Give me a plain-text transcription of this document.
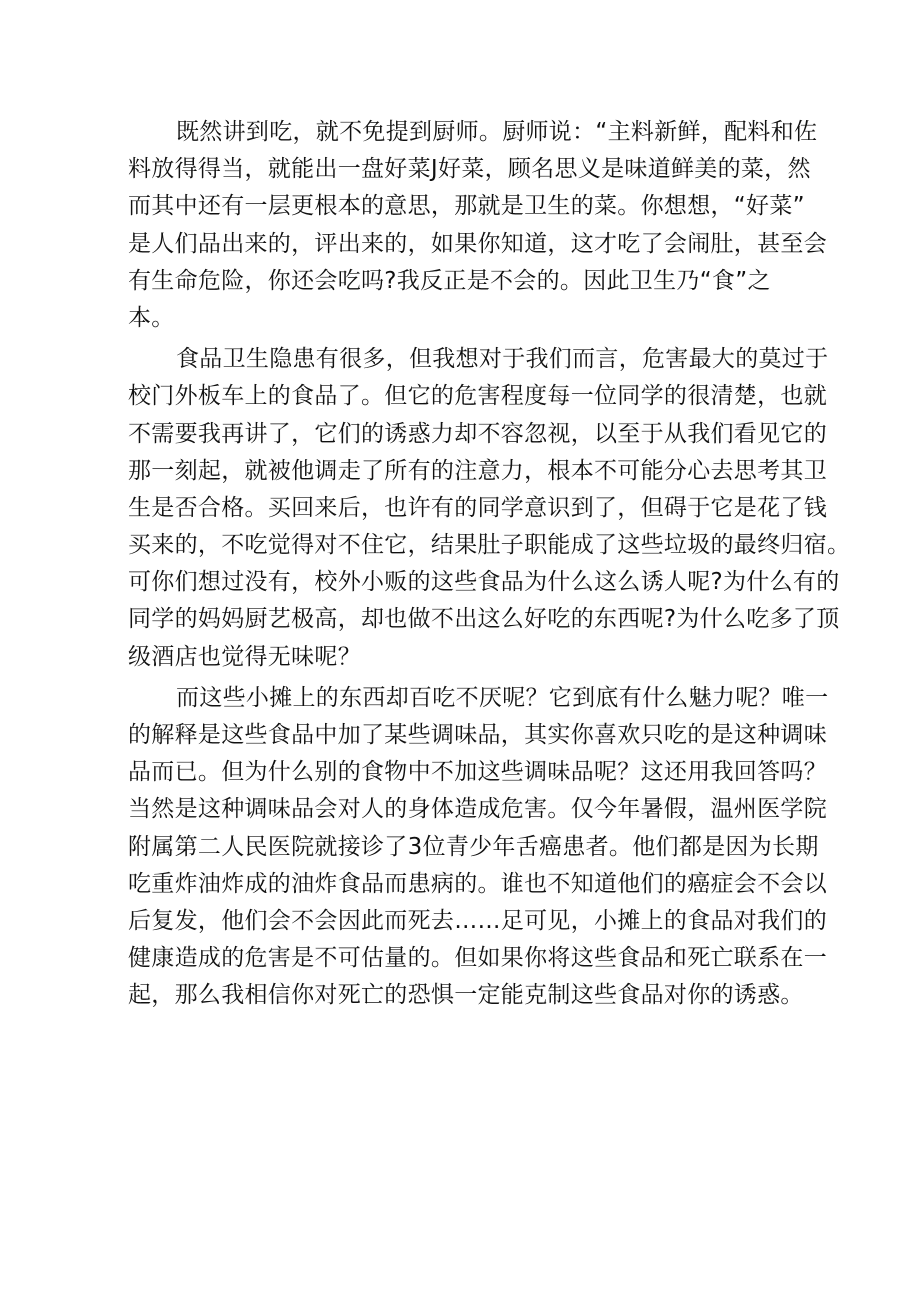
既然讲到吃，就不免提到厨师。厨师说：“主料新鲜，配料和佐
料放得得当，就能出一盘好菜J好菜，顾名思义是味道鲜美的菜，然
而其中还有一层更根本的意思，那就是卫生的菜。你想想，“好菜”
是人们品出来的，评出来的，如果你知道，这才吃了会闹肚，甚至会
有生命危险，你还会吃吗?我反正是不会的。因此卫生乃“食”之
本。
食品卫生隐患有很多，但我想对于我们而言，危害最大的莫过于
校门外板车上的食品了。但它的危害程度每一位同学的很清楚，也就
不需要我再讲了，它们的诱惑力却不容忽视，以至于从我们看见它的
那一刻起，就被他调走了所有的注意力，根本不可能分心去思考其卫
生是否合格。买回来后，也许有的同学意识到了，但碍于它是花了钱
买来的，不吃觉得对不住它，结果肚子职能成了这些垃圾的最终归宿。
可你们想过没有，校外小贩的这些食品为什么这么诱人呢?为什么有的
同学的妈妈厨艺极高，却也做不出这么好吃的东西呢?为什么吃多了顶
级酒店也觉得无味呢？
而这些小摊上的东西却百吃不厌呢？它到底有什么魅力呢？唯一
的解释是这些食品中加了某些调味品，其实你喜欢只吃的是这种调味
品而已。但为什么别的食物中不加这些调味品呢？这还用我回答吗？
当然是这种调味品会对人的身体造成危害。仅今年暑假，温州医学院
附属第二人民医院就接诊了3位青少年舌癌患者。他们都是因为长期
吃重炸油炸成的油炸食品而患病的。谁也不知道他们的癌症会不会以
后复发，他们会不会因此而死去……足可见，小摊上的食品对我们的
健康造成的危害是不可估量的。但如果你将这些食品和死亡联系在一
起，那么我相信你对死亡的恐惧一定能克制这些食品对你的诱惑。
